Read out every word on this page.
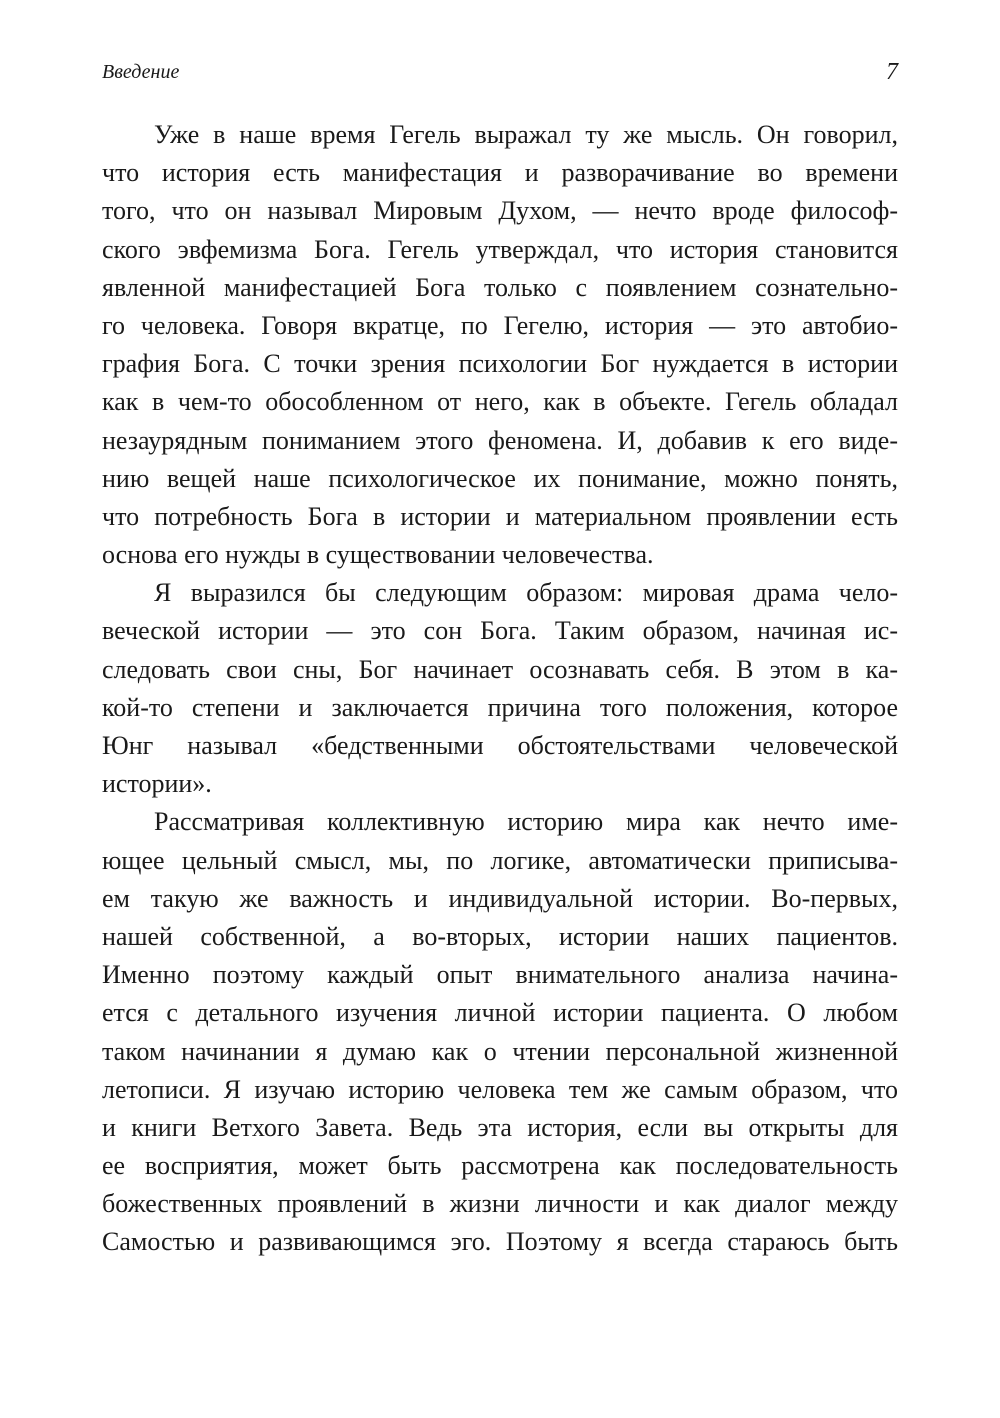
Введение	7
Уже в наше время Гегель выражал ту же мысль. Он говорил,
что история есть манифестация и разворачивание во времени
того, что он называл Мировым Духом, — нечто вроде философ-
ского эвфемизма Бога. Гегель утверждал, что история становится
явленной манифестацией Бога только с появлением сознательно-
го человека. Говоря вкратце, по Гегелю, история — это автобио-
графия Бога. С точки зрения психологии Бог нуждается в истории
как в чем-то обособленном от него, как в объекте. Гегель обладал
незаурядным пониманием этого феномена. И, добавив к его виде-
нию вещей наше психологическое их понимание, можно понять,
что потребность Бога в истории и материальном проявлении есть
основа его нужды в существовании человечества.
Я выразился бы следующим образом: мировая драма чело-
веческой истории — это сон Бога. Таким образом, начиная ис-
следовать свои сны, Бог начинает осознавать себя. В этом в ка-
кой-то степени и заключается причина того положения, которое
Юнг называл «бедственными обстоятельствами человеческой
истории».
Рассматривая коллективную историю мира как нечто име-
ющее цельный смысл, мы, по логике, автоматически приписыва-
ем такую же важность и индивидуальной истории. Во-первых,
нашей собственной, а во-вторых, истории наших пациентов.
Именно поэтому каждый опыт внимательного анализа начина-
ется с детального изучения личной истории пациента. О любом
таком начинании я думаю как о чтении персональной жизненной
летописи. Я изучаю историю человека тем же самым образом, что
и книги Ветхого Завета. Ведь эта история, если вы открыты для
ее восприятия, может быть рассмотрена как последовательность
божественных проявлений в жизни личности и как диалог между
Самостью и развивающимся эго. Поэтому я всегда стараюсь быть
